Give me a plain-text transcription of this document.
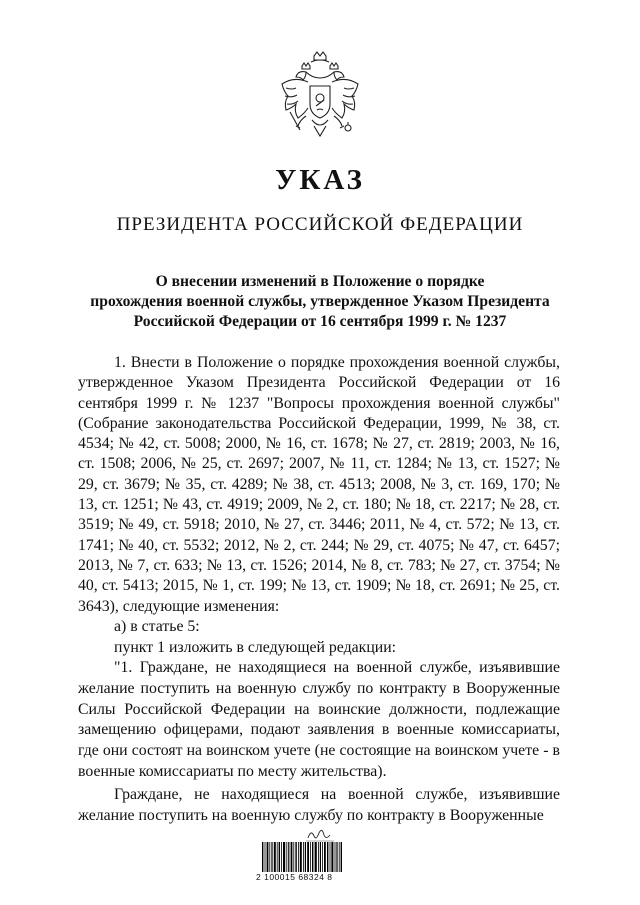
УКАЗ
ПРЕЗИДЕНТА РОССИЙСКОЙ ФЕДЕРАЦИИ
О внесении изменений в Положение о порядке
прохождения военной службы, утвержденное Указом Президента
Российской Федерации от 16 сентября 1999 г. № 1237

1. Внести в Положение о порядке прохождения военной службы, утвержденное Указом Президента Российской Федерации от 16 сентября 1999 г. № 1237 "Вопросы прохождения военной службы" (Собрание законодательства Российской Федерации, 1999, № 38, ст. 4534; № 42, ст. 5008; 2000, № 16, ст. 1678; № 27, ст. 2819; 2003, № 16, ст. 1508; 2006, № 25, ст. 2697; 2007, № 11, ст. 1284; № 13, ст. 1527; № 29, ст. 3679; № 35, ст. 4289; № 38, ст. 4513; 2008, № 3, ст. 169, 170; № 13, ст. 1251; № 43, ст. 4919; 2009, № 2, ст. 180; № 18, ст. 2217; № 28, ст. 3519; № 49, ст. 5918; 2010, № 27, ст. 3446; 2011, № 4, ст. 572; № 13, ст. 1741; № 40, ст. 5532; 2012, № 2, ст. 244; № 29, ст. 4075; № 47, ст. 6457; 2013, № 7, ст. 633; № 13, ст. 1526; 2014, № 8, ст. 783; № 27, ст. 3754; № 40, ст. 5413; 2015, № 1, ст. 199; № 13, ст. 1909; № 18, ст. 2691; № 25, ст. 3643), следующие изменения:

а) в статье 5:

пункт 1 изложить в следующей редакции:

"1. Граждане, не находящиеся на военной службе, изъявившие желание поступить на военную службу по контракту в Вооруженные Силы Российской Федерации на воинские должности, подлежащие замещению офицерами, подают заявления в военные комиссариаты, где они состоят на воинском учете (не состоящие на воинском учете - в военные комиссариаты по месту жительства).

Граждане, не находящиеся на военной службе, изъявившие желание поступить на военную службу по контракту в Вооруженные

2 100015 68324 8
